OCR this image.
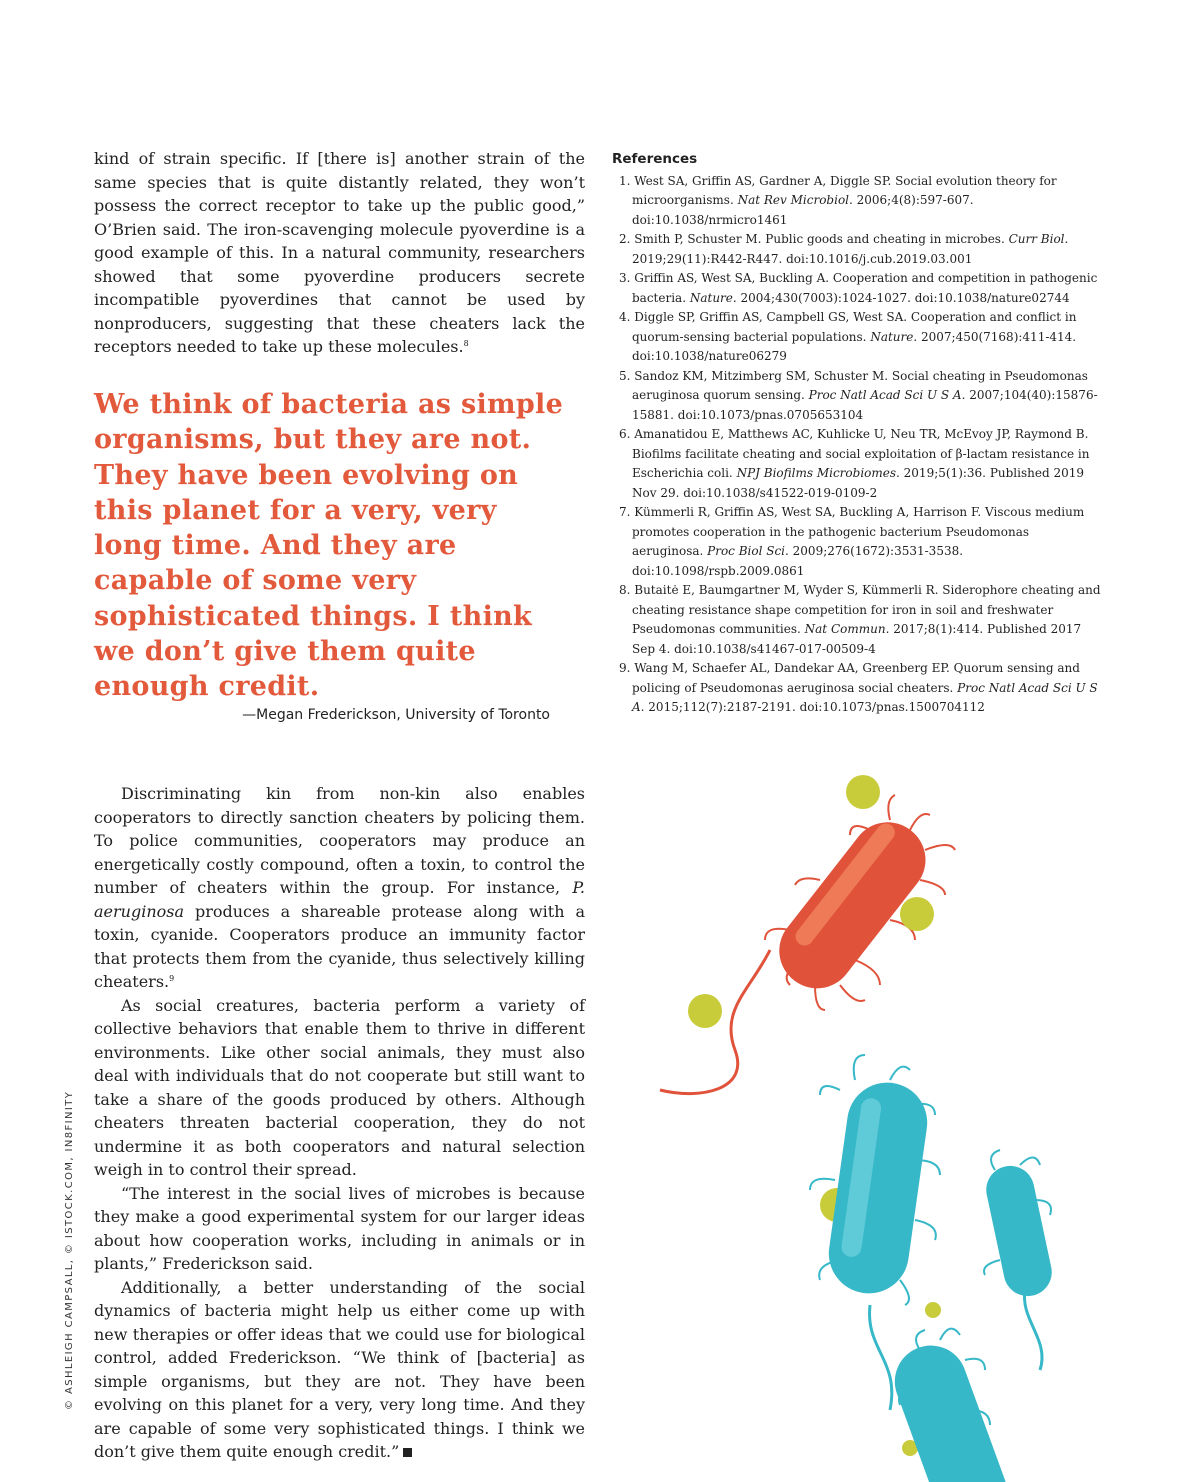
kind of strain specific. If [there is] another strain of the same species that is quite distantly related, they won’t possess the correct receptor to take up the public good,” O’Brien said. The iron-scavenging molecule pyoverdine is a good example of this. In a natural community, researchers showed that some pyoverdine producers secrete incompatible pyoverdines that cannot be used by nonproducers, suggesting that these cheaters lack the receptors needed to take up these molecules.$^8$

We think of bacteria as simple organisms, but they are not. They have been evolving on this planet for a very, very long time. And they are capable of some very sophisticated things. I think we don’t give them quite enough credit.
—Megan Frederickson, University of Toronto
References

1. West SA, Griffin AS, Gardner A, Diggle SP. Social evolution theory for microorganisms. Nat Rev Microbiol. 2006;4(8):597-607. doi:10.1038/nrmicro1461

2. Smith P, Schuster M. Public goods and cheating in microbes. Curr Biol. 2019;29(11):R442-R447. doi:10.1016/j.cub.2019.03.001

3. Griffin AS, West SA, Buckling A. Cooperation and competition in pathogenic bacteria. Nature. 2004;430(7003):1024-1027. doi:10.1038/nature02744

4. Diggle SP, Griffin AS, Campbell GS, West SA. Cooperation and conflict in quorum-sensing bacterial populations. Nature. 2007;450(7168):411-414. doi:10.1038/nature06279

5. Sandoz KM, Mitzimberg SM, Schuster M. Social cheating in Pseudomonas aeruginosa quorum sensing. Proc Natl Acad Sci U S A. 2007;104(40):15876-15881. doi:10.1073/pnas.0705653104

6. Amanatidou E, Matthews AC, Kuhlicke U, Neu TR, McEvoy JP, Raymond B. Biofilms facilitate cheating and social exploitation of β-lactam resistance in Escherichia coli. NPJ Biofilms Microbiomes. 2019;5(1):36. Published 2019 Nov 29. doi:10.1038/s41522-019-0109-2

7. Kümmerli R, Griffin AS, West SA, Buckling A, Harrison F. Viscous medium promotes cooperation in the pathogenic bacterium Pseudomonas aeruginosa. Proc Biol Sci. 2009;276(1672):3531-3538. doi:10.1098/rspb.2009.0861

8. Butaitė E, Baumgartner M, Wyder S, Kümmerli R. Siderophore cheating and cheating resistance shape competition for iron in soil and freshwater Pseudomonas communities. Nat Commun. 2017;8(1):414. Published 2017 Sep 4. doi:10.1038/s41467-017-00509-4

9. Wang M, Schaefer AL, Dandekar AA, Greenberg EP. Quorum sensing and policing of Pseudomonas aeruginosa social cheaters. Proc Natl Acad Sci U S A. 2015;112(7):2187-2191. doi:10.1073/pnas.1500704112

Discriminating kin from non-kin also enables cooperators to directly sanction cheaters by policing them. To police communities, cooperators may produce an energetically costly compound, often a toxin, to control the number of cheaters within the group. For instance, P. aeruginosa produces a shareable protease along with a toxin, cyanide. Cooperators produce an immunity factor that protects them from the cyanide, thus selectively killing cheaters.$^9$

As social creatures, bacteria perform a variety of collective behaviors that enable them to thrive in different environments. Like other social animals, they must also deal with individuals that do not cooperate but still want to take a share of the goods produced by others. Although cheaters threaten bacterial cooperation, they do not undermine it as both cooperators and natural selection weigh in to control their spread.

“The interest in the social lives of microbes is because they make a good experimental system for our larger ideas about how cooperation works, including in animals or in plants,” Frederickson said.

Additionally, a better understanding of the social dynamics of bacteria might help us either come up with new therapies or offer ideas that we could use for biological control, added Frederickson. “We think of [bacteria] as simple organisms, but they are not. They have been evolving on this planet for a very, very long time. And they are capable of some very sophisticated things. I think we don’t give them quite enough credit.”

© ASHLEIGH CAMPSALL, © ISTOCK.COM, IN8FINITY
